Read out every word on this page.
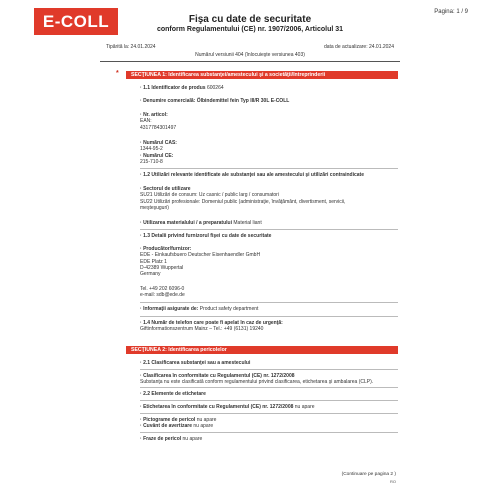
E-COLL	Fişa cu date de securitate
conform Regulamentului (CE) nr. 1907/2006, Articolul 31
Pagina: 1 / 9
Tipărită la: 24.01.2024	data de actualizare: 24.01.2024
Numărul versiunii 404 (înlocuieşte versiunea 403)
*	SECŢIUNEA 1: Identificarea substanţei/amestecului şi a societăţii/întreprinderii
· 1.1 Identificator de produs 600264
· Denumire comercială: Ölbindemittel fein Typ III/R 30L E-COLL
· Nr. articol:
EAN:
4317784301497
· Numărul CAS:
1344-95-2
· Numărul CE:
215-710-8
· 1.2 Utilizări relevante identificate ale substanţei sau ale amestecului şi utilizări contraindicate
· Sectorul de utilizare
SU21 Utilizări de consum: Uz casnic / public larg / consumatori
SU22 Utilizări profesionale: Domeniul public (administraţie, învăţământ, divertisment, servicii,
meşteşuguri)
· Utilizarea materialului / a preparatului Material liant
· 1.3 Detalii privind furnizorul fişei cu date de securitate
· Producător/furnizor:
EDE - Einkaufsbuero Deutscher Eisenhaendler GmbH
EDE Platz 1
D-42389 Wuppertal
Germany
Tel. +49 202 6096-0
e-mail: sdb@ede.de
· Informaţii asigurate de: Product safety department
· 1.4 Număr de telefon care poate fi apelat în caz de urgenţă:
Giftinformationszentrum Mainz – Tel.: +49 (6131) 19240
SECŢIUNEA 2: Identificarea pericolelor
· 2.1 Clasificarea substanţei sau a amestecului
· Clasificarea în conformitate cu Regulamentul (CE) nr. 1272/2008
Substanţa nu este clasificată conform regulamentului privind clasificarea, etichetarea şi ambalarea (CLP).
· 2.2 Elemente de etichetare
· Etichetarea în conformitate cu Regulamentul (CE) nr. 1272/2008 nu apare
· Pictograme de pericol nu apare
· Cuvânt de avertizare nu apare
· Fraze de pericol nu apare
(Continuare pe pagina 2 )
RO
